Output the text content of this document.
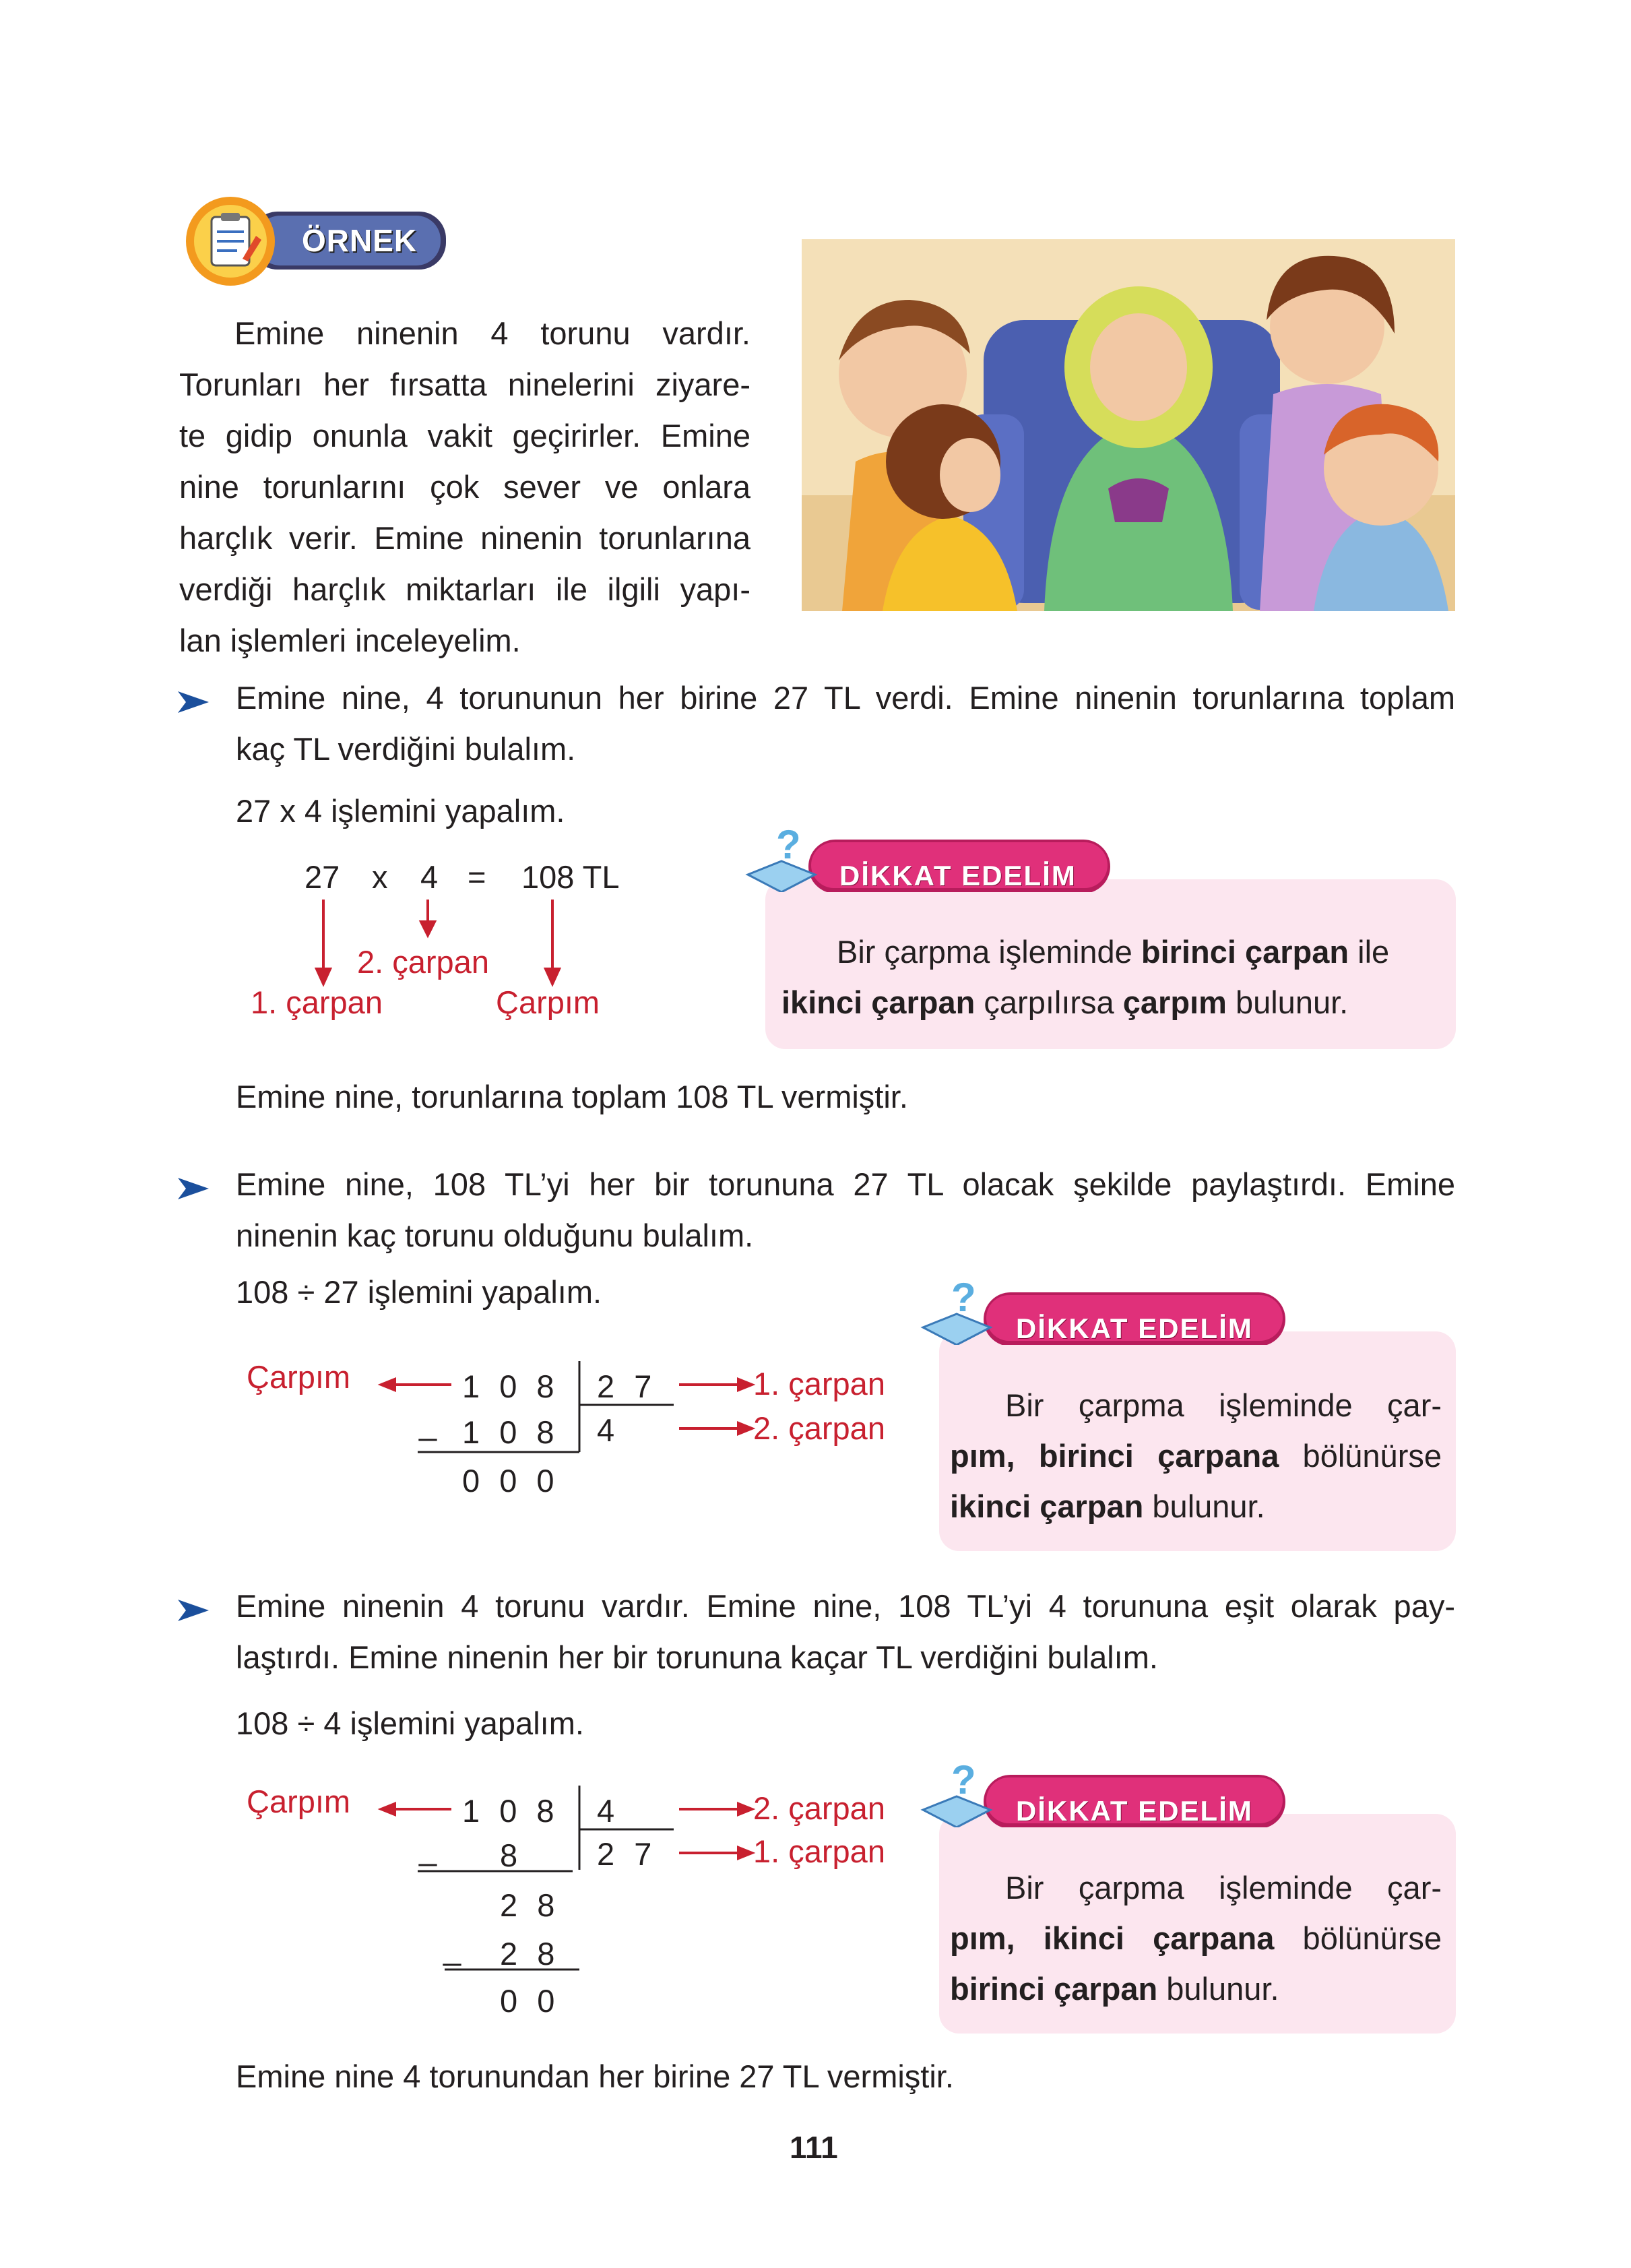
ÖRNEK
Emine ninenin 4 torunu vardır.
Torunları her fırsatta ninelerini ziyare-
te gidip onunla vakit geçirirler. Emine
nine torunlarını çok sever ve onlara
harçlık verir. Emine ninenin torunlarına
verdiği harçlık miktarları ile ilgili yapı-
lan işlemleri inceleyelim.
Emine nine, 4 torununun her birine 27 TL verdi. Emine ninenin torunlarına toplam
kaç TL verdiğini bulalım.
27 x 4 işlemini yapalım.
27 x 4 = 108 TL
2. çarpan
1. çarpan	Çarpım
?
DİKKAT EDELİM
Bir çarpma işleminde birinci çarpan ile
ikinci çarpan çarpılırsa çarpım bulunur.
Emine nine, torunlarına toplam 108 TL vermiştir.
Emine nine, 108 TL’yi her bir torununa 27 TL olacak şekilde paylaştırdı. Emine
ninenin kaç torunu olduğunu bulalım.
108 ÷ 27 işlemini yapalım.
Çarpım	1 0 8
_ 1 0 8
0 0 0
2 7
4
1. çarpan
2. çarpan
?
DİKKAT EDELİM
Bir çarpma işleminde çar-
pım, birinci çarpana bölünürse
ikinci çarpan bulunur.
Emine ninenin 4 torunu vardır. Emine nine, 108 TL’yi 4 torununa eşit olarak pay-
laştırdı. Emine ninenin her bir torununa kaçar TL verdiğini bulalım.
108 ÷ 4 işlemini yapalım.
Çarpım	1 0 8
_ 8
2 8
_ 2 8
0 0
4
2 7
2. çarpan
1. çarpan
?
DİKKAT EDELİM
Bir çarpma işleminde çar-
pım, ikinci çarpana bölünürse
birinci çarpan bulunur.
Emine nine 4 torunundan her birine 27 TL vermiştir.
111
